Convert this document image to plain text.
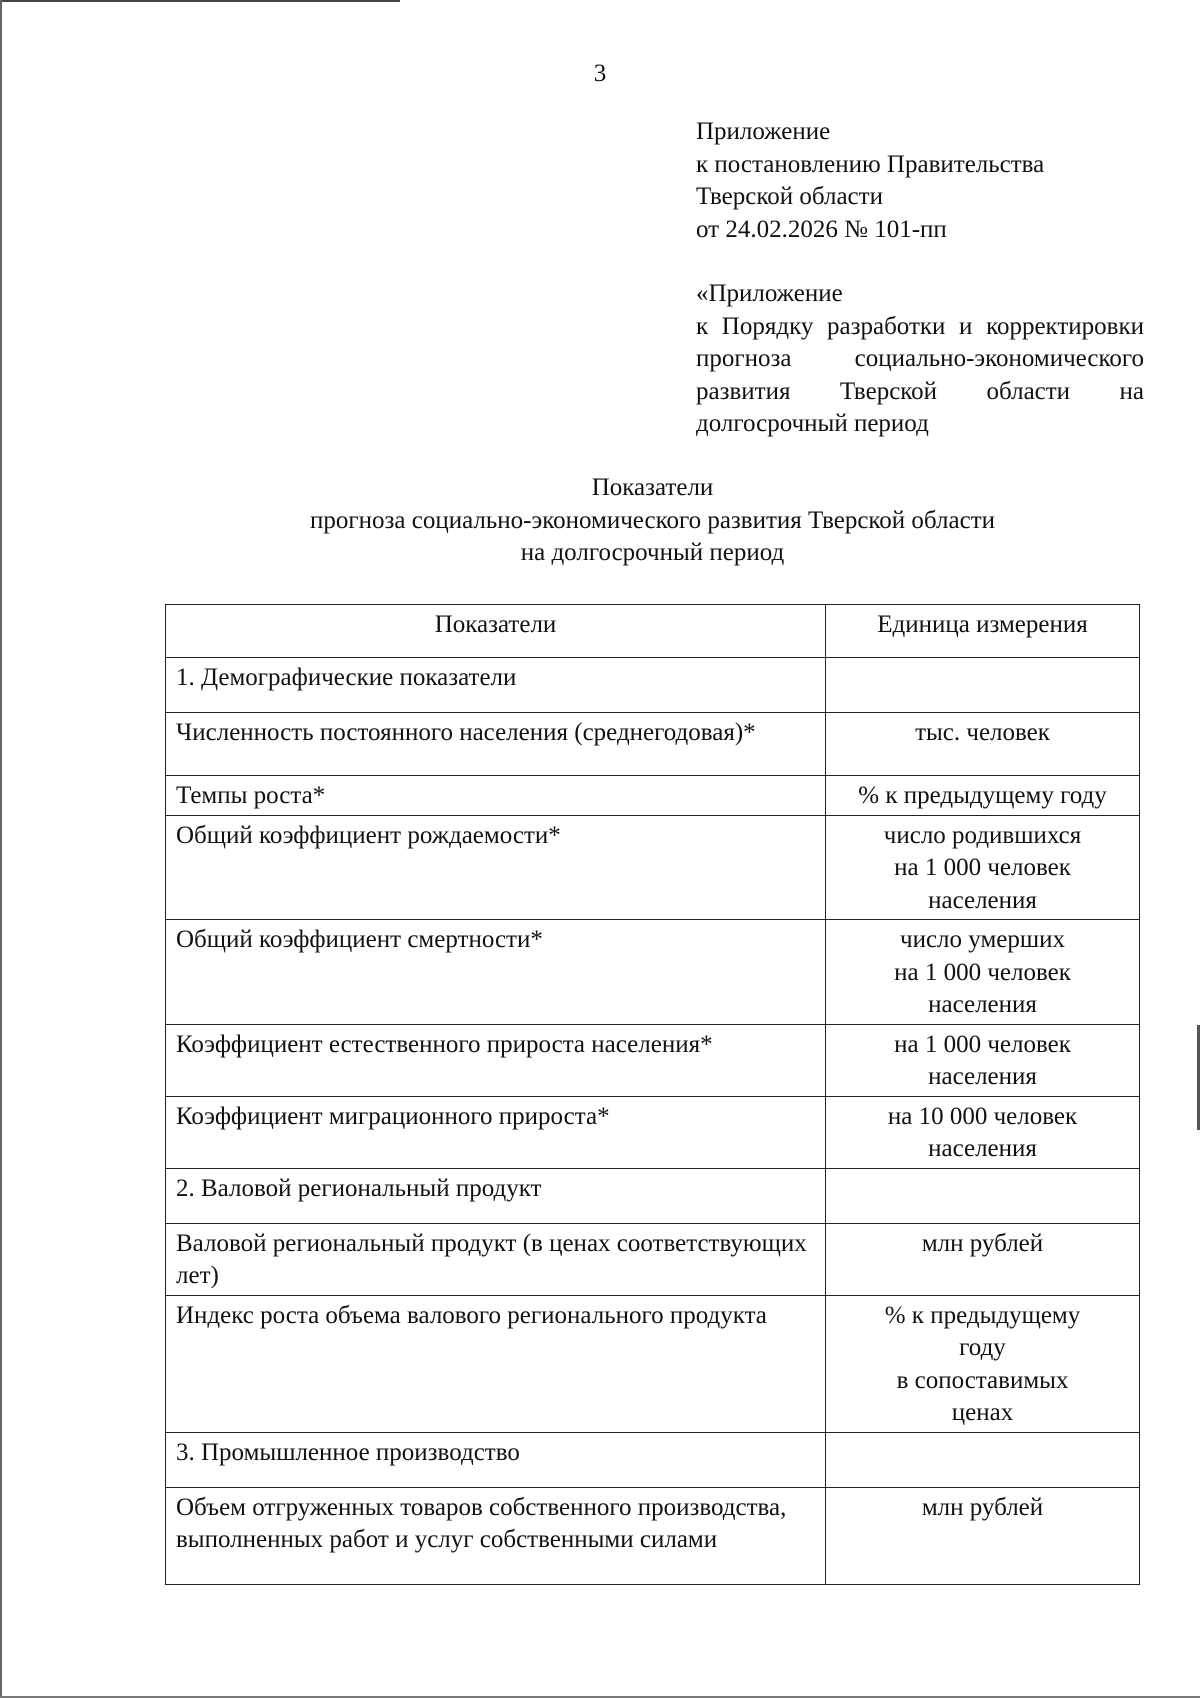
3
Приложение
к постановлению Правительства
Тверской области
от 24.02.2026 № 101-пп
«Приложение
к Порядку разработки и корректировки прогноза социально-экономического развития Тверской области на долгосрочный период
Показатели
прогноза социально-экономического развития Тверской области
на долгосрочный период
Показатели	Единица измерения
1. Демографические показатели	
Численность постоянного населения (среднегодовая)*	тыс. человек

Темпы роста*	% к предыдущему году

Общий коэффициент рождаемости*	число родившихся
на 1 000 человек
населения

Общий коэффициент смертности*	число умерших
на 1 000 человек
населения

Коэффициент естественного прироста населения*	на 1 000 человек
населения

Коэффициент миграционного прироста*	на 10 000 человек
населения

2. Валовой региональный продукт	
Валовой региональный продукт (в ценах соответствующих лет)	млн рублей

Индекс роста объема валового регионального продукта	% к предыдущему
году
в сопоставимых
ценах

3. Промышленное производство	
Объем отгруженных товаров собственного производства, выполненных работ и услуг собственными силами	млн рублей
